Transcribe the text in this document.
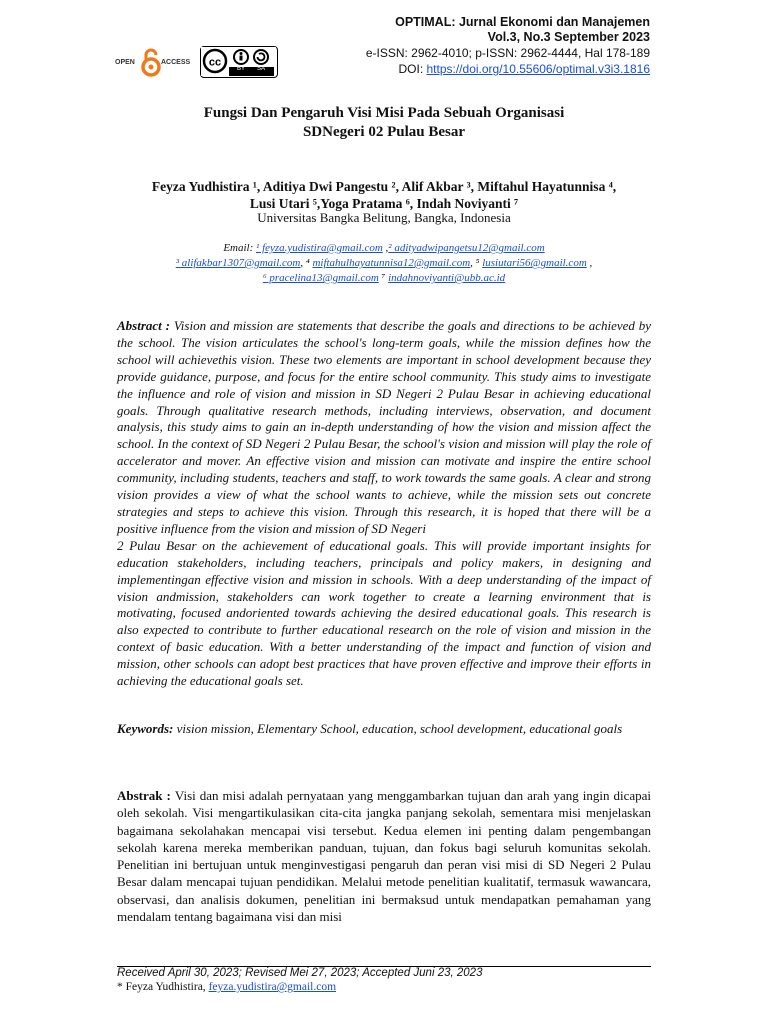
OPEN	ACCESS cc
BY SA
OPTIMAL: Jurnal Ekonomi dan Manajemen
Vol.3, No.3 September 2023
e-ISSN: 2962-4010; p-ISSN: 2962-4444, Hal 178-189
DOI: https://doi.org/10.55606/optimal.v3i3.1816
Fungsi Dan Pengaruh Visi Misi Pada Sebuah Organisasi
SDNegeri 02 Pulau Besar
Feyza Yudhistira ¹, Aditiya Dwi Pangestu ², Alif Akbar ³, Miftahul Hayatunnisa ⁴,
Lusi Utari ⁵,Yoga Pratama ⁶, Indah Noviyanti ⁷
Universitas Bangka Belitung, Bangka, Indonesia
Email: ¹ feyza.yudistira@gmail.com ,² adityadwipangetsu12@gmail.com
³ alifakbar1307@gmail.com, ⁴ miftahulhayatunnisa12@gmail.com, ⁵ lusiutari56@gmail.com ,
⁶ pracelina13@gmail.com ⁷ indahnoviyanti@ubb.ac.id

Abstract : Vision and mission are statements that describe the goals and directions to be achieved by the school. The vision articulates the school's long-term goals, while the mission defines how the school will achievethis vision. These two elements are important in school development because they provide guidance, purpose, and focus for the entire school community. This study aims to investigate the influence and role of vision and mission in SD Negeri 2 Pulau Besar in achieving educational goals. Through qualitative research methods, including interviews, observation, and document analysis, this study aims to gain an in-depth understanding of how the vision and mission affect the school. In the context of SD Negeri 2 Pulau Besar, the school's vision and mission will play the role of accelerator and mover. An effective vision and mission can motivate and inspire the entire school community, including students, teachers and staff, to work towards the same goals. A clear and strong vision provides a view of what the school wants to achieve, while the mission sets out concrete strategies and steps to achieve this vision. Through this research, it is hoped that there will be a positive influence from the vision and mission of SD Negeri

2 Pulau Besar on the achievement of educational goals. This will provide important insights for education stakeholders, including teachers, principals and policy makers, in designing and implementingan effective vision and mission in schools. With a deep understanding of the impact of vision andmission, stakeholders can work together to create a learning environment that is motivating, focused andoriented towards achieving the desired educational goals. This research is also expected to contribute to further educational research on the role of vision and mission in the context of basic education. With a better understanding of the impact and function of vision and mission, other schools can adopt best practices that have proven effective and improve their efforts in achieving the educational goals set.

Keywords: vision mission, Elementary School, education, school development, educational goals
Abstrak : Visi dan misi adalah pernyataan yang menggambarkan tujuan dan arah yang ingin dicapai oleh sekolah. Visi mengartikulasikan cita-cita jangka panjang sekolah, sementara misi menjelaskan bagaimana sekolahakan mencapai visi tersebut. Kedua elemen ini penting dalam pengembangan sekolah karena mereka memberikan panduan, tujuan, dan fokus bagi seluruh komunitas sekolah. Penelitian ini bertujuan untuk menginvestigasi pengaruh dan peran visi misi di SD Negeri 2 Pulau Besar dalam mencapai tujuan pendidikan. Melalui metode penelitian kualitatif, termasuk wawancara, observasi, dan analisis dokumen, penelitian ini bermaksud untuk mendapatkan pemahaman yang mendalam tentang bagaimana visi dan misi
Received April 30, 2023; Revised Mei 27, 2023; Accepted Juni 23, 2023
* Feyza Yudhistira, feyza.yudistira@gmail.com
